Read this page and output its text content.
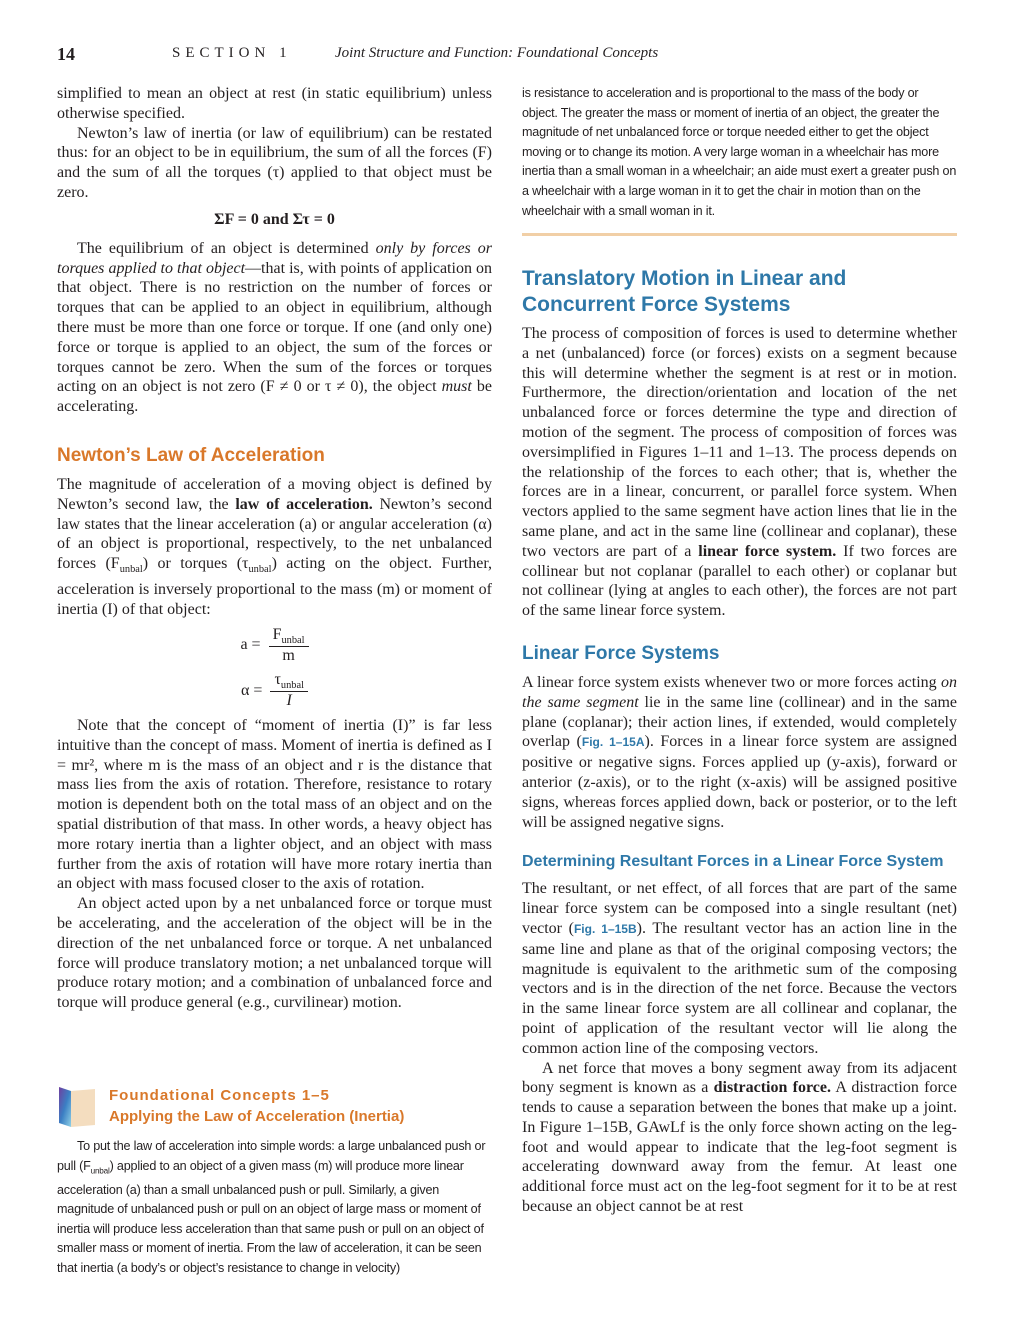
14	SECTION 1	Joint Structure and Function: Foundational Concepts

simplified to mean an object at rest (in static equilibrium) unless otherwise specified.

Newton’s law of inertia (or law of equilibrium) can be restated thus: for an object to be in equilibrium, the sum of all the forces (F) and the sum of all the torques (τ) applied to that object must be zero.

ΣF = 0 and Στ = 0

The equilibrium of an object is determined only by forces or torques applied to that object—that is, with points of application on that object. There is no restriction on the number of forces or torques that can be applied to an object in equilibrium, although there must be more than one force or torque. If one (and only one) force or torque is applied to an object, the sum of the forces or torques cannot be zero. When the sum of the forces or torques acting on an object is not zero (F ≠ 0 or τ ≠ 0), the object must be accelerating.

Newton’s Law of Acceleration

The magnitude of acceleration of a moving object is defined by Newton’s second law, the law of acceleration. Newton’s second law states that the linear acceleration (a) or angular acceleration (α) of an object is proportional, respectively, to the net unbalanced forces $(F_{unbal})$ or torques $(\tau_{unbal})$ acting on the object. Further, acceleration is inversely proportional to the mass (m) or moment of inertia (I) of that object:

$a = \frac{F_{unbal}}{m}$
$\alpha = \frac{\tau_{unbal}}{I}$

Note that the concept of “moment of inertia (I)” is far less intuitive than the concept of mass. Moment of inertia is defined as I = mr², where m is the mass of an object and r is the distance that mass lies from the axis of rotation. Therefore, resistance to rotary motion is dependent both on the total mass of an object and on the spatial distribution of that mass. In other words, a heavy object has more rotary inertia than a lighter object, and an object with mass further from the axis of rotation will have more rotary inertia than an object with mass focused closer to the axis of rotation.

An object acted upon by a net unbalanced force or torque must be accelerating, and the acceleration of the object will be in the direction of the net unbalanced force or torque. A net unbalanced force will produce translatory motion; a net unbalanced torque will produce rotary motion; and a combination of unbalanced force and torque will produce general (e.g., curvilinear) motion.

Foundational Concepts 1–5
Applying the Law of Acceleration (Inertia)

To put the law of acceleration into simple words: a large unbalanced push or pull $(F_{unbal})$ applied to an object of a given mass (m) will produce more linear acceleration (a) than a small unbalanced push or pull. Similarly, a given magnitude of unbalanced push or pull on an object of large mass or moment of inertia will produce less acceleration than that same push or pull on an object of smaller mass or moment of inertia. From the law of acceleration, it can be seen that inertia (a body’s or object’s resistance to change in velocity)

is resistance to acceleration and is proportional to the mass of the body or object. The greater the mass or moment of inertia of an object, the greater the magnitude of net unbalanced force or torque needed either to get the object moving or to change its motion. A very large woman in a wheelchair has more inertia than a small woman in a wheelchair; an aide must exert a greater push on a wheelchair with a large woman in it to get the chair in motion than on the wheelchair with a small woman in it.

Translatory Motion in Linear and Concurrent Force Systems

The process of composition of forces is used to determine whether a net (unbalanced) force (or forces) exists on a segment because this will determine whether the segment is at rest or in motion. Furthermore, the direction/orientation and location of the net unbalanced force or forces determine the type and direction of motion of the segment. The process of composition of forces was oversimplified in Figures 1–11 and 1–13. The process depends on the relationship of the forces to each other; that is, whether the forces are in a linear, concurrent, or parallel force system. When vectors applied to the same segment have action lines that lie in the same plane, and act in the same line (collinear and coplanar), these two vectors are part of a linear force system. If two forces are collinear but not coplanar (parallel to each other) or coplanar but not collinear (lying at angles to each other), the forces are not part of the same linear force system.

Linear Force Systems

A linear force system exists whenever two or more forces acting on the same segment lie in the same line (collinear) and in the same plane (coplanar); their action lines, if extended, would completely overlap (Fig. 1–15A). Forces in a linear force system are assigned positive or negative signs. Forces applied up (y-axis), forward or anterior (z-axis), or to the right (x-axis) will be assigned positive signs, whereas forces applied down, back or posterior, or to the left will be assigned negative signs.

Determining Resultant Forces in a Linear Force System

The resultant, or net effect, of all forces that are part of the same linear force system can be composed into a single resultant (net) vector (Fig. 1–15B). The resultant vector has an action line in the same line and plane as that of the original composing vectors; the magnitude is equivalent to the arithmetic sum of the composing vectors and is in the direction of the net force. Because the vectors in the same linear force system are all collinear and coplanar, the point of application of the resultant vector will lie along the common action line of the composing vectors.

A net force that moves a bony segment away from its adjacent bony segment is known as a distraction force. A distraction force tends to cause a separation between the bones that make up a joint. In Figure 1–15B, GAwLf is the only force shown acting on the leg-foot and would appear to indicate that the leg-foot segment is accelerating downward away from the femur. At least one additional force must act on the leg-foot segment for it to be at rest because an object cannot be at rest
